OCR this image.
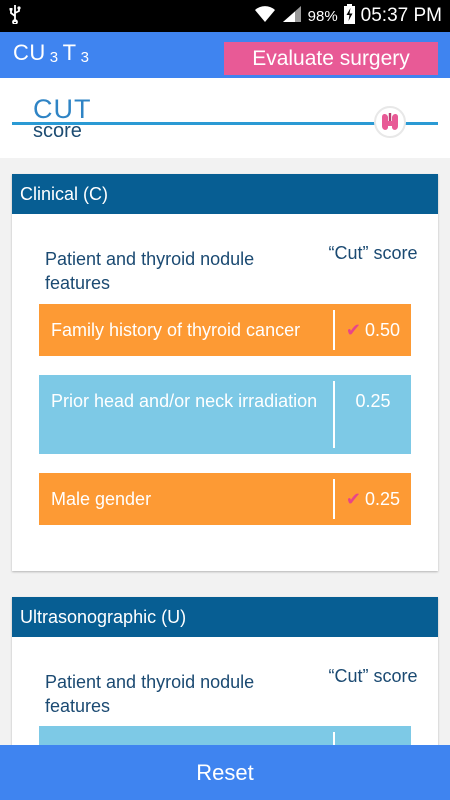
98% 05:37 PM
CU $_3$ T $_3$	Evaluate surgery
CUT
score
Clinical (C)
Patient and thyroid nodule features
“Cut” score
Family history of thyroid cancer	✔ 0.50
Prior head and/or neck irradiation	0.25
Male gender	✔ 0.25
Ultrasonographic (U)
Patient and thyroid nodule features
“Cut” score
Reset
